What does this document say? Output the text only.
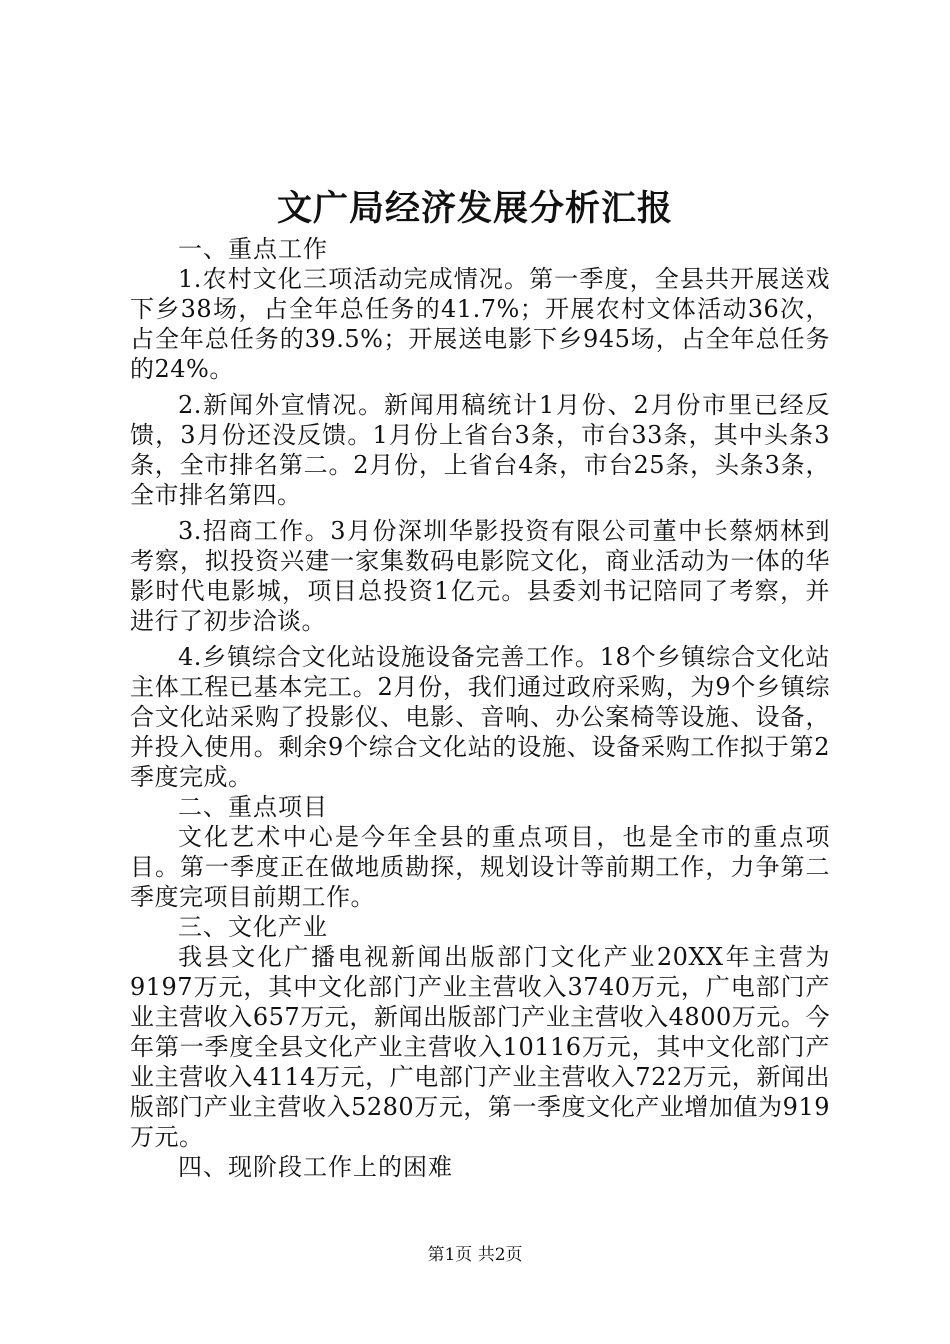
文广局经济发展分析汇报

一、重点工作

1.农村文化三项活动完成情况。第一季度，全县共开展送戏下乡38场，占全年总任务的41.7%；开展农村文体活动36次，占全年总任务的39.5%；开展送电影下乡945场，占全年总任务的24%。

2.新闻外宣情况。新闻用稿统计1月份、2月份市里已经反馈，3月份还没反馈。1月份上省台3条，市台33条，其中头条3条，全市排名第二。2月份，上省台4条，市台25条，头条3条，全市排名第四。

3.招商工作。3月份深圳华影投资有限公司董中长蔡炳林到考察，拟投资兴建一家集数码电影院文化，商业活动为一体的华影时代电影城，项目总投资1亿元。县委刘书记陪同了考察，并进行了初步洽谈。

4.乡镇综合文化站设施设备完善工作。18个乡镇综合文化站主体工程已基本完工。2月份，我们通过政府采购，为9个乡镇综合文化站采购了投影仪、电影、音响、办公案椅等设施、设备，并投入使用。剩余9个综合文化站的设施、设备采购工作拟于第2季度完成。

二、重点项目

文化艺术中心是今年全县的重点项目，也是全市的重点项目。第一季度正在做地质勘探，规划设计等前期工作，力争第二季度完项目前期工作。

三、文化产业

我县文化广播电视新闻出版部门文化产业20XX年主营为9197万元，其中文化部门产业主营收入3740万元，广电部门产业主营收入657万元，新闻出版部门产业主营收入4800万元。今年第一季度全县文化产业主营收入10116万元，其中文化部门产业主营收入4114万元，广电部门产业主营收入722万元，新闻出版部门产业主营收入5280万元，第一季度文化产业增加值为919万元。

四、现阶段工作上的困难

第1页 共2页
